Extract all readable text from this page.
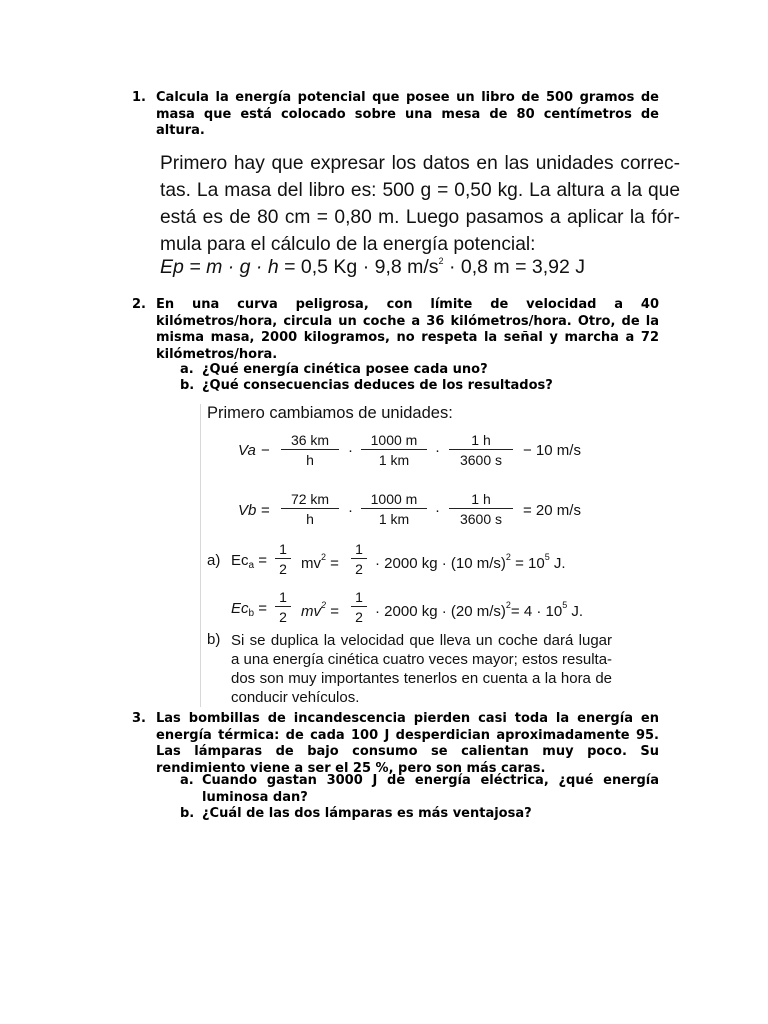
1. Calcula la energía potencial que posee un libro de 500 gramos de masa que está colocado sobre una mesa de 80 centímetros de altura.
Primero hay que expresar los datos en las unidades correc-
tas. La masa del libro es: 500 g = 0,50 kg. La altura a la que
está es de 80 cm = 0,80 m. Luego pasamos a aplicar la fór-
mula para el cálculo de la energía potencial:
Ep = m · g · h = 0,5 Kg · 9,8 $m/s^2 \cdot 0,8$ m = 3,92 J
2. En una curva peligrosa, con límite de velocidad a 40 kilómetros/hora, circula un coche a 36 kilómetros/hora. Otro, de la misma masa, 2000 kilogramos, no respeta la señal y marcha a 72 kilómetros/hora.
a. ¿Qué energía cinética posee cada uno?
b. ¿Qué consecuencias deduces de los resultados?
Primero cambiamos de unidades:
Va −
36 km
h
·
1000 m
1 km
·
1 h
3600 s
− 10 m/s
Vb =
72 km
h	·
1000 m
1 km	·
1 h
3600 s	= 20 m/s
a) $Ec_a$ =
1
2 $mv^2$ =
1
2 · 2000 kg · (10 $m/s)^2 = 10^5$ J.
$Ec_b$ =
1
2 $mv^2$ =
1
2 · 2000 kg · (20 $m/s)^2= 4 \cdot 10^5$ J.
b) Si se duplica la velocidad que lleva un coche dará lugar
a una energía cinética cuatro veces mayor; estos resulta-
dos son muy importantes tenerlos en cuenta a la hora de
conducir vehículos.
3. Las bombillas de incandescencia pierden casi toda la energía en energía térmica: de cada 100 J desperdician aproximadamente 95. Las lámparas de bajo consumo se calientan muy poco. Su rendimiento viene a ser el 25 %, pero son más caras.
a. Cuando gastan 3000 J de energía eléctrica, ¿qué energía luminosa dan?
b. ¿Cuál de las dos lámparas es más ventajosa?
